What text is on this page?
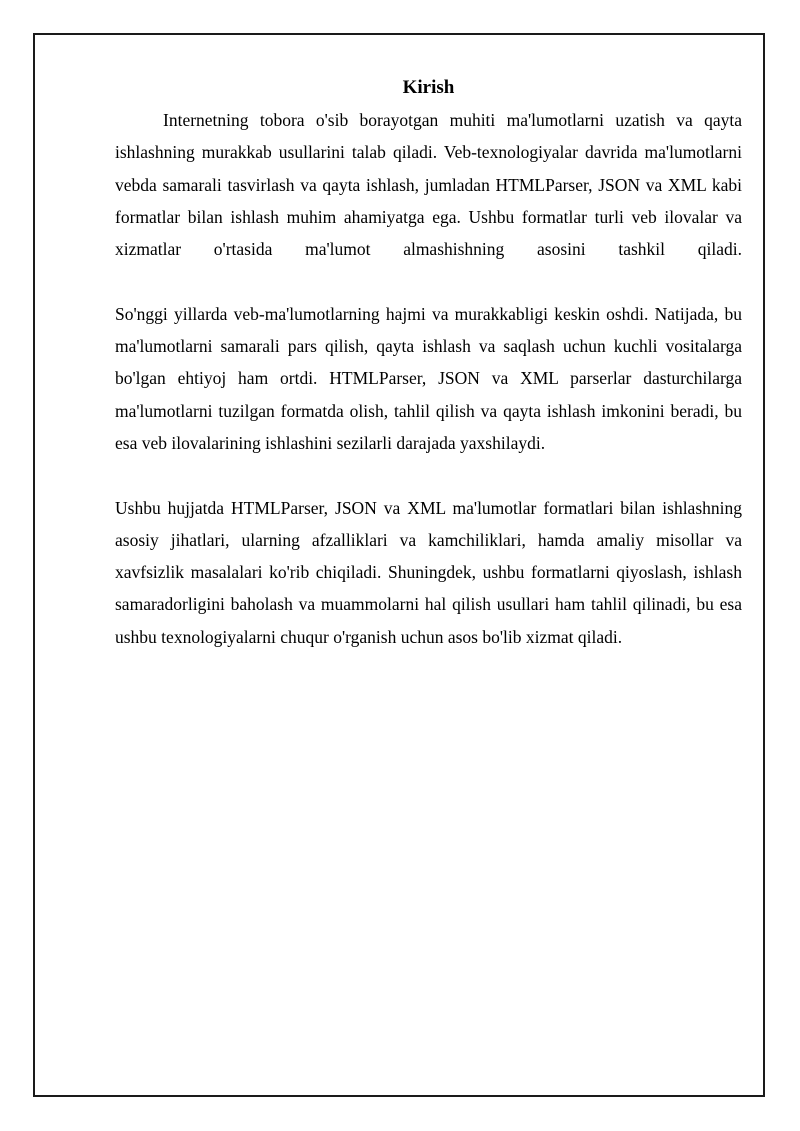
Kirish

Internetning tobora o'sib borayotgan muhiti ma'lumotlarni uzatish va qayta ishlashning murakkab usullarini talab qiladi. Veb-texnologiyalar davrida ma'lumotlarni vebda samarali tasvirlash va qayta ishlash, jumladan HTMLParser, JSON va XML kabi formatlar bilan ishlash muhim ahamiyatga ega. Ushbu formatlar turli veb ilovalar va xizmatlar o'rtasida ma'lumot almashishning asosini tashkil qiladi.

So'nggi yillarda veb-ma'lumotlarning hajmi va murakkabligi keskin oshdi. Natijada, bu ma'lumotlarni samarali pars qilish, qayta ishlash va saqlash uchun kuchli vositalarga bo'lgan ehtiyoj ham ortdi. HTMLParser, JSON va XML parserlar dasturchilarga ma'lumotlarni tuzilgan formatda olish, tahlil qilish va qayta ishlash imkonini beradi, bu esa veb ilovalarining ishlashini sezilarli darajada yaxshilaydi.

Ushbu hujjatda HTMLParser, JSON va XML ma'lumotlar formatlari bilan ishlashning asosiy jihatlari, ularning afzalliklari va kamchiliklari, hamda amaliy misollar va xavfsizlik masalalari ko'rib chiqiladi. Shuningdek, ushbu formatlarni qiyoslash, ishlash samaradorligini baholash va muammolarni hal qilish usullari ham tahlil qilinadi, bu esa ushbu texnologiyalarni chuqur o'rganish uchun asos bo'lib xizmat qiladi.
